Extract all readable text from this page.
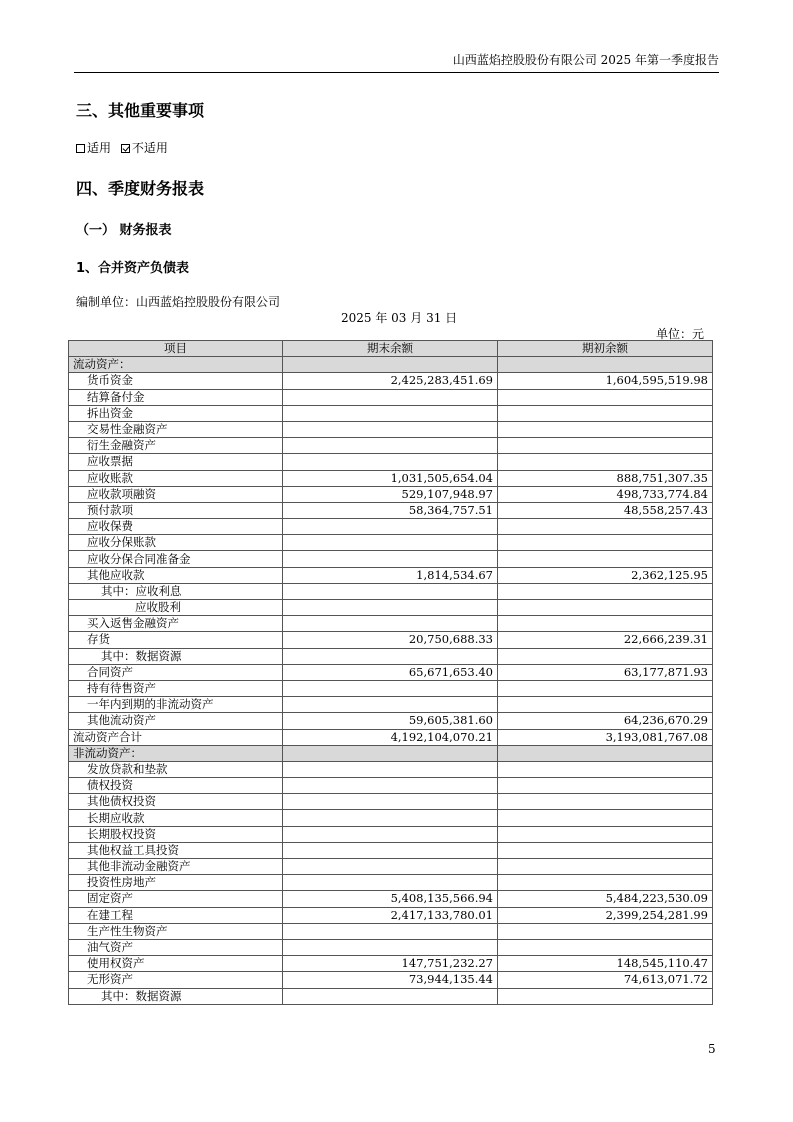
山西蓝焰控股股份有限公司 2025 年第一季度报告
三、其他重要事项
适用 不适用
四、季度财务报表
（一） 财务报表
1、合并资产负债表
编制单位：山西蓝焰控股股份有限公司
2025 年 03 月 31 日
单位：元
项目	期末余额	期初余额
流动资产：		
货币资金	2,425,283,451.69	1,604,595,519.98
结算备付金		
拆出资金		
交易性金融资产		
衍生金融资产		
应收票据		
应收账款	1,031,505,654.04	888,751,307.35
应收款项融资	529,107,948.97	498,733,774.84
预付款项	58,364,757.51	48,558,257.43
应收保费		
应收分保账款		
应收分保合同准备金		
其他应收款	1,814,534.67	2,362,125.95
其中：应收利息		
应收股利		
买入返售金融资产		
存货	20,750,688.33	22,666,239.31
其中：数据资源		
合同资产	65,671,653.40	63,177,871.93
持有待售资产		
一年内到期的非流动资产		
其他流动资产	59,605,381.60	64,236,670.29
流动资产合计	4,192,104,070.21	3,193,081,767.08
非流动资产：		
发放贷款和垫款		
债权投资		
其他债权投资		
长期应收款		
长期股权投资		
其他权益工具投资		
其他非流动金融资产		
投资性房地产		
固定资产	5,408,135,566.94	5,484,223,530.09
在建工程	2,417,133,780.01	2,399,254,281.99
生产性生物资产		
油气资产		
使用权资产	147,751,232.27	148,545,110.47
无形资产	73,944,135.44	74,613,071.72
其中：数据资源		
5
